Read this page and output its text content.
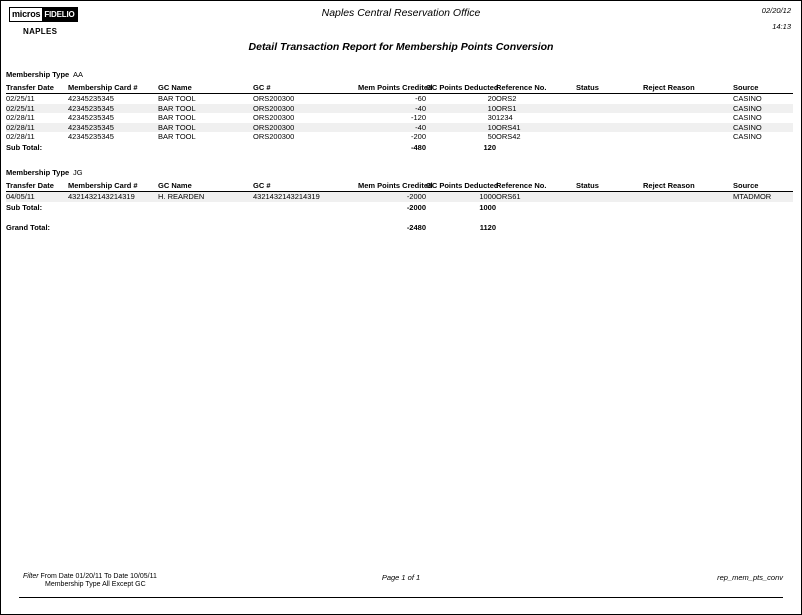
micros FIDELIO
NAPLES
Naples Central Reservation Office	02/20/12
14:13
Detail Transaction Report for Membership Points Conversion
Membership Type AA
Transfer Date	Membership Card #	GC Name	GC #	Mem Points Credited	GC Points Deducted	Reference No.	Status	Reject Reason	Source
02/25/11	42345235345	BAR TOOL	ORS200300	-60	20	ORS2			CASINO
02/25/11	42345235345	BAR TOOL	ORS200300	-40	10	ORS1			CASINO
02/28/11	42345235345	BAR TOOL	ORS200300	-120	30	1234			CASINO
02/28/11	42345235345	BAR TOOL	ORS200300	-40	10	ORS41			CASINO
02/28/11	42345235345	BAR TOOL	ORS200300	-200	50	ORS42			CASINO
Sub Total:				-480	120				
Membership Type JG
Transfer Date	Membership Card #	GC Name	GC #	Mem Points Credited	GC Points Deducted	Reference No.	Status	Reject Reason	Source
04/05/11	4321432143214319	H. REARDEN	4321432143214319	-2000	1000	ORS61			MTADMOR
Sub Total:				-2000	1000				

Grand Total:				-2480	1120				
Filter From Date 01/20/11 To Date 10/05/11
Membership Type All Except GC
Page 1 of 1	rep_mem_pts_conv
